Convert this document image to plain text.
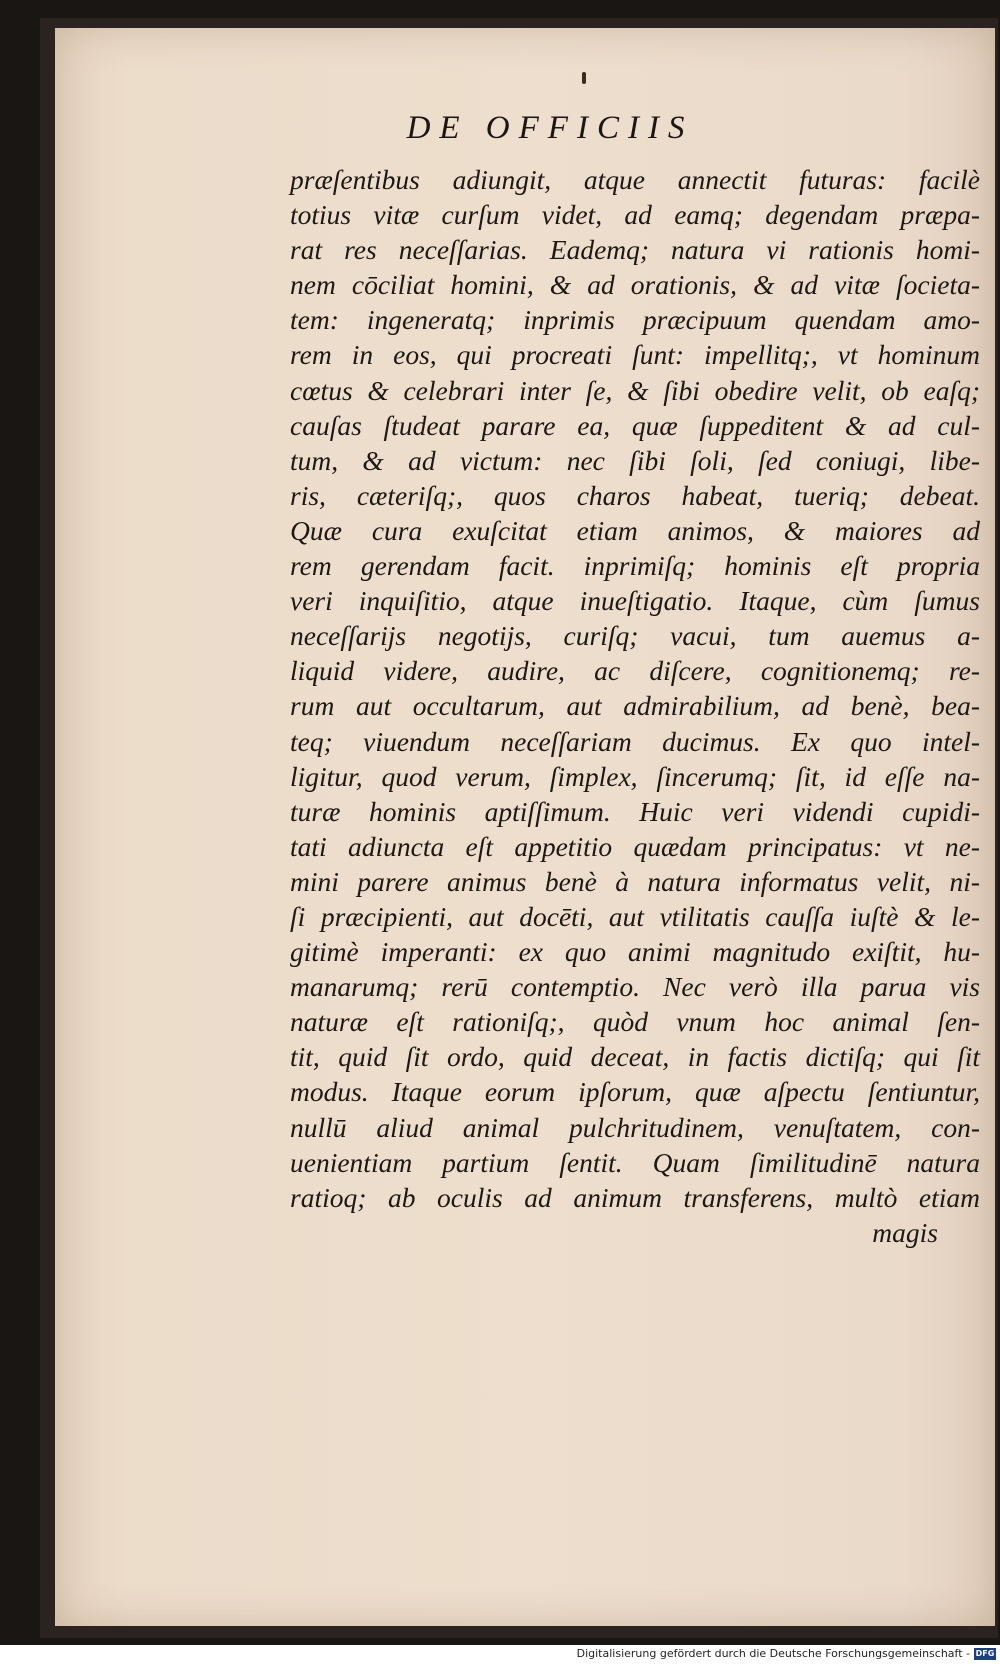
DE OFFICIIS
præſentibus adiungit, atque annectit futuras: facilè
totius vitæ curſum videt, ad eamq; degendam præpa-
rat res neceſſarias. Eademq; natura vi rationis homi-
nem cōciliat homini, & ad orationis, & ad vitæ ſocieta-
tem: ingeneratq; inprimis præcipuum quendam amo-
rem in eos, qui procreati ſunt: impellitq;, vt hominum
cœtus & celebrari inter ſe, & ſibi obedire velit, ob eaſq;
cauſas ſtudeat parare ea, quæ ſuppeditent & ad cul-
tum, & ad victum: nec ſibi ſoli, ſed coniugi, libe-
ris, cæteriſq;, quos charos habeat, tueriq; debeat.
Quæ cura exuſcitat etiam animos, & maiores ad
rem gerendam facit. inprimiſq; hominis eſt propria
veri inquiſitio, atque inueſtigatio. Itaque, cùm ſumus
neceſſarijs negotijs, curiſq; vacui, tum auemus a-
liquid videre, audire, ac diſcere, cognitionemq; re-
rum aut occultarum, aut admirabilium, ad benè, bea-
teq; viuendum neceſſariam ducimus. Ex quo intel-
ligitur, quod verum, ſimplex, ſincerumq; ſit, id eſſe na-
turæ hominis aptiſſimum. Huic veri videndi cupidi-
tati adiuncta eſt appetitio quædam principatus: vt ne-
mini parere animus benè à natura informatus velit, ni-
ſi præcipienti, aut docēti, aut vtilitatis cauſſa iuſtè & le-
gitimè imperanti: ex quo animi magnitudo exiſtit, hu-
manarumq; rerū contemptio. Nec verò illa parua vis
naturæ eſt rationiſq;, quòd vnum hoc animal ſen-
tit, quid ſit ordo, quid deceat, in factis dictiſq; qui ſit
modus. Itaque eorum ipſorum, quæ aſpectu ſentiuntur,
nullū aliud animal pulchritudinem, venuſtatem, con-
uenientiam partium ſentit. Quam ſimilitudinē natura
ratioq; ab oculis ad animum transferens, multò etiam
magis
Digitalisierung gefördert durch die Deutsche Forschungsgemeinschaft - DFG
